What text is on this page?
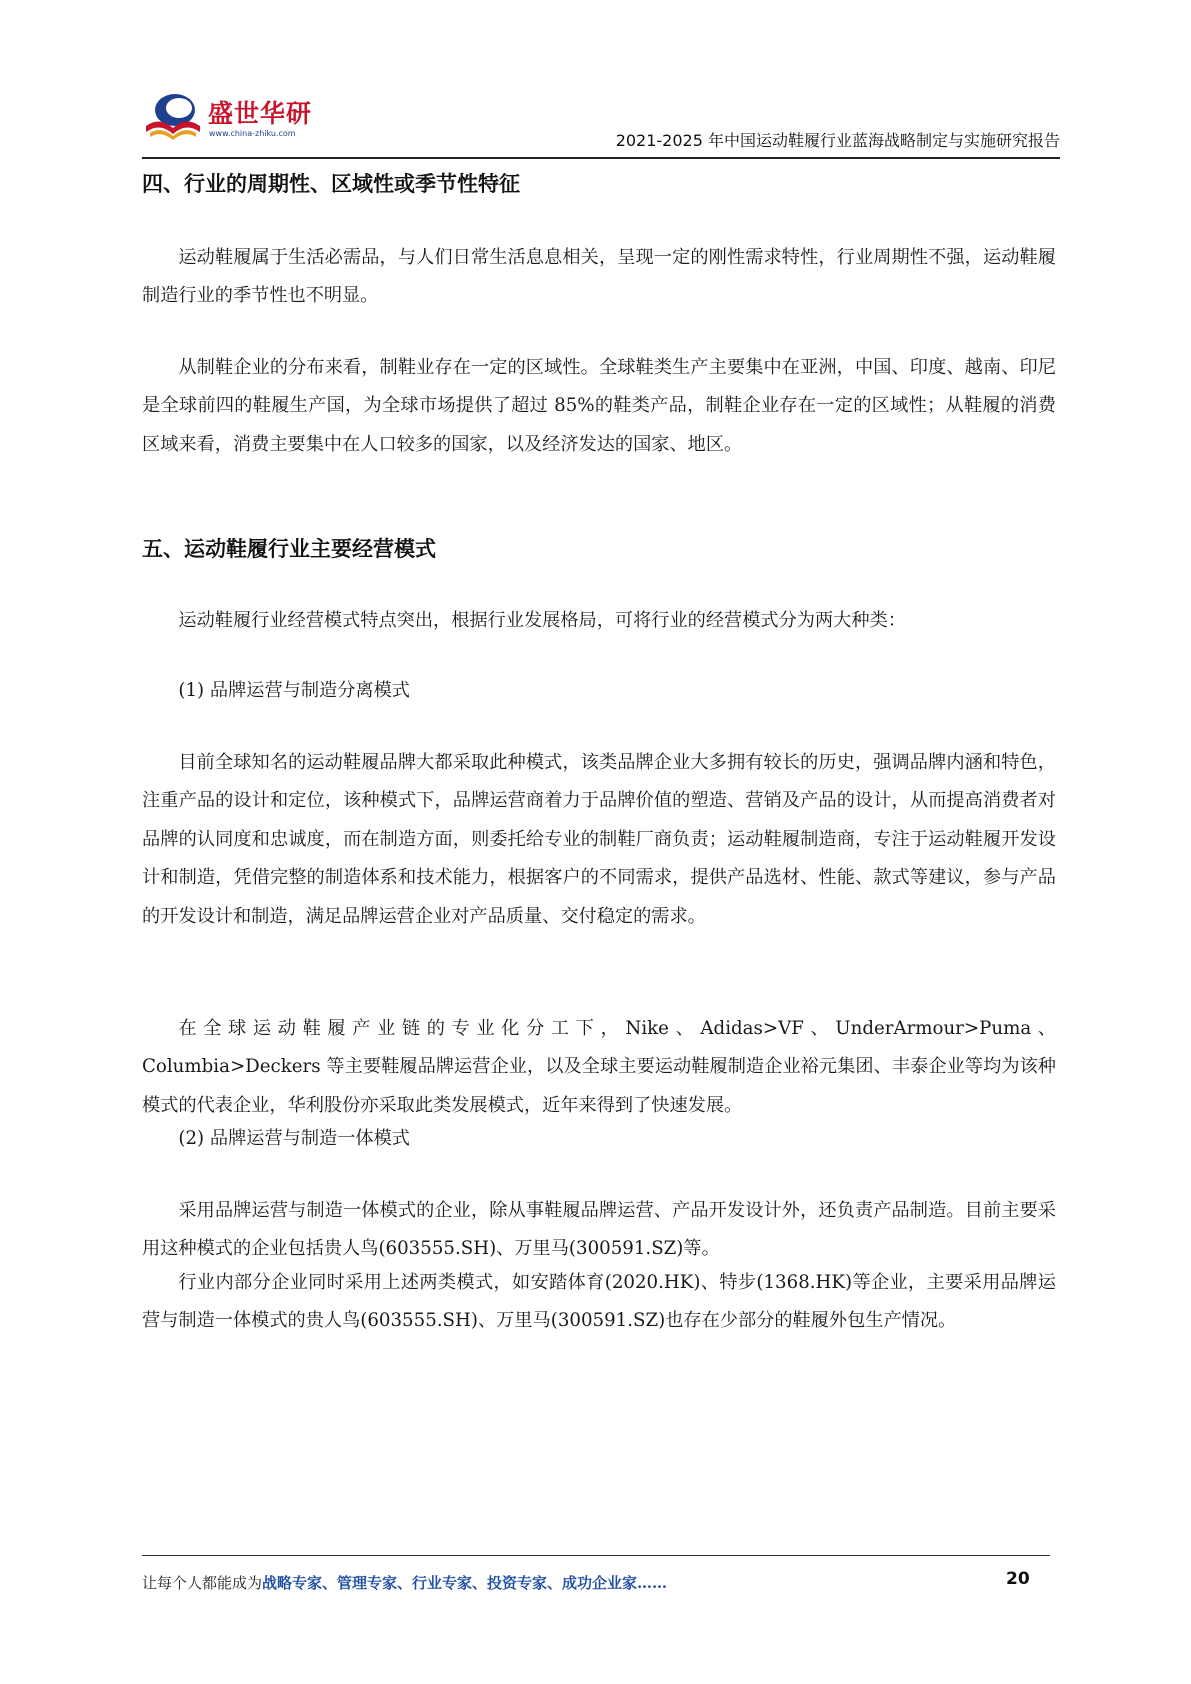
盛世华研
www.china-zhiku.com	2021-2025 年中国运动鞋履行业蓝海战略制定与实施研究报告
四、行业的周期性、区域性或季节性特征

运动鞋履属于生活必需品，与人们日常生活息息相关，呈现一定的刚性需求特性，行业周期性不强，运动鞋履制造行业的季节性也不明显。

从制鞋企业的分布来看，制鞋业存在一定的区域性。全球鞋类生产主要集中在亚洲，中国、印度、越南、印尼是全球前四的鞋履生产国，为全球市场提供了超过 85%的鞋类产品，制鞋企业存在一定的区域性；从鞋履的消费区域来看，消费主要集中在人口较多的国家，以及经济发达的国家、地区。

五、运动鞋履行业主要经营模式

运动鞋履行业经营模式特点突出，根据行业发展格局，可将行业的经营模式分为两大种类：

(1) 品牌运营与制造分离模式

目前全球知名的运动鞋履品牌大都采取此种模式，该类品牌企业大多拥有较长的历史，强调品牌内涵和特色，注重产品的设计和定位，该种模式下，品牌运营商着力于品牌价值的塑造、营销及产品的设计，从而提高消费者对品牌的认同度和忠诚度，而在制造方面，则委托给专业的制鞋厂商负责；运动鞋履制造商，专注于运动鞋履开发设计和制造，凭借完整的制造体系和技术能力，根据客户的不同需求，提供产品选材、性能、款式等建议，参与产品的开发设计和制造，满足品牌运营企业对产品质量、交付稳定的需求。

在全球运动鞋履产业链的专业化分工下，Nike、Adidas>VF、UnderArmour>Puma、Columbia>Deckers 等主要鞋履品牌运营企业，以及全球主要运动鞋履制造企业裕元集团、丰泰企业等均为该种模式的代表企业，华利股份亦采取此类发展模式，近年来得到了快速发展。

(2) 品牌运营与制造一体模式

采用品牌运营与制造一体模式的企业，除从事鞋履品牌运营、产品开发设计外，还负责产品制造。目前主要采用这种模式的企业包括贵人鸟(603555.SH)、万里马(300591.SZ)等。

行业内部分企业同时采用上述两类模式，如安踏体育(2020.HK)、特步(1368.HK)等企业，主要采用品牌运营与制造一体模式的贵人鸟(603555.SH)、万里马(300591.SZ)也存在少部分的鞋履外包生产情况。

让每个人都能成为战略专家、管理专家、行业专家、投资专家、成功企业家……	20
